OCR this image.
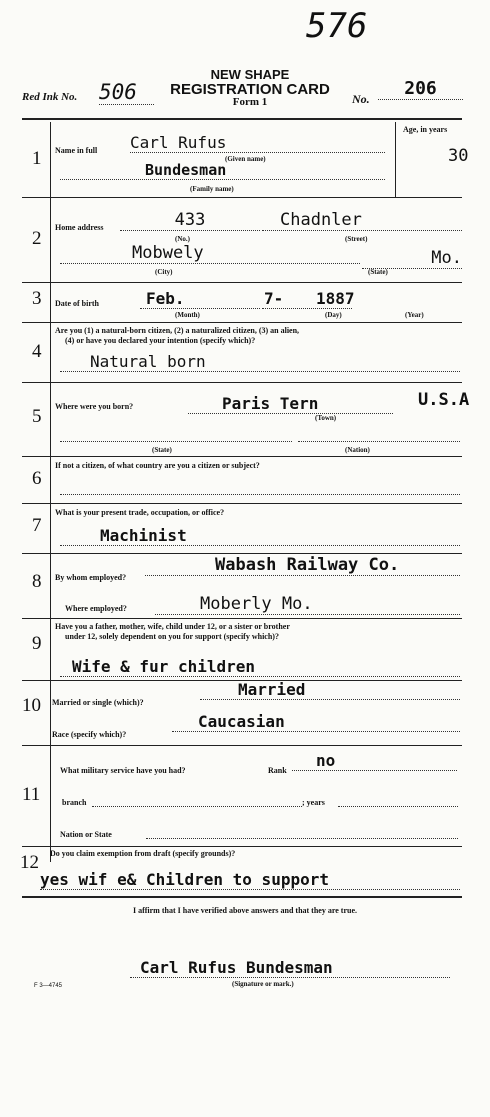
576
Red Ink No. 506
NEW SHAPE
REGISTRATION CARD
Form 1	No.	206
1 Name in full Carl Rufus
(Given name)
Bundesman
(Family name)
Age, in years
30
2
Home address	433
(No.)
Chadnler
(Street)
Mobwely
(City)
Mo.
(State)
3 Date of birth	Feb.
(Month)
7-
(Day)
1887
(Year)
4
Are you (1) a natural-born citizen, (2) a naturalized citizen, (3) an alien,
(4) or have you declared your intention (specify which)?
Natural born
5 Where were you born?	Paris Tern
(Town)
U.S.A
(State)	(Nation)
6
If not a citizen, of what country are you a citizen or subject?
7
What is your present trade, occupation, or office?
Machinist
8 By whom employed?
Wabash Railway Co.
Where employed?	Moberly Mo.
9
Have you a father, mother, wife, child under 12, or a sister or brother
under 12, solely dependent on you for support (specify which)?
Wife & fur children
10 Married or single (which)?
Married
Race (specify which)?
Caucasian
11
What military service have you had?	Rank
no
branch	; years
Nation or State
12 Do you claim exemption from draft (specify grounds)?
yes wif e& Children to support
I affirm that I have verified above answers and that they are true.
Carl Rufus Bundesman
(Signature or mark.)
F 3—4745
